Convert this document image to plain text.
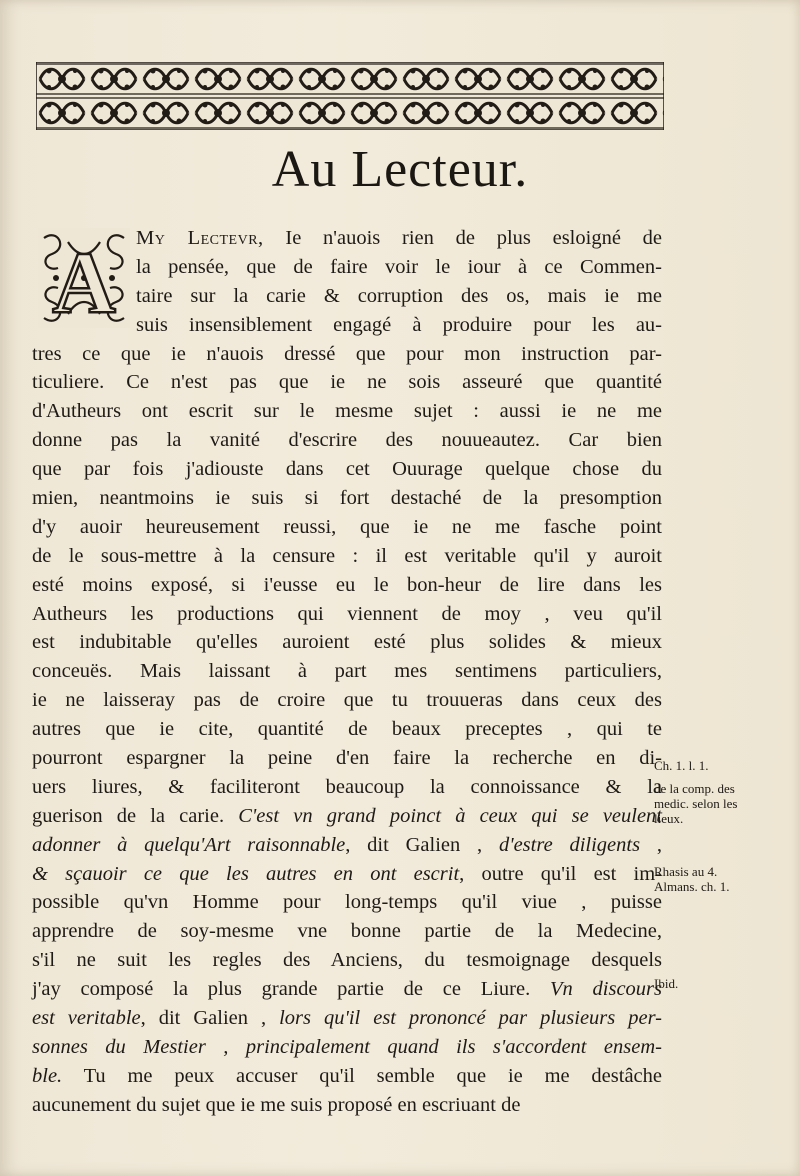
Au Lecteur.
A My Lectevr, Ie n'auois rien de plus esloigné de
la pensée, que de faire voir le iour à ce Commen-
taire sur la carie & corruption des os, mais ie me
suis insensiblement engagé à produire pour les au-
tres ce que ie n'auois dressé que pour mon instruction par-
ticuliere. Ce n'est pas que ie ne sois asseuré que quantité
d'Autheurs ont escrit sur le mesme sujet : aussi ie ne me
donne pas la vanité d'escrire des nouueautez. Car bien
que par fois j'adiouste dans cet Ouurage quelque chose du
mien, neantmoins ie suis si fort destaché de la presomption
d'y auoir heureusement reussi, que ie ne me fasche point
de le sous-mettre à la censure : il est veritable qu'il y auroit
esté moins exposé, si i'eusse eu le bon-heur de lire dans les
Autheurs les productions qui viennent de moy , veu qu'il
est indubitable qu'elles auroient esté plus solides & mieux
conceuës. Mais laissant à part mes sentimens particuliers,
ie ne laisseray pas de croire que tu trouueras dans ceux des
autres que ie cite, quantité de beaux preceptes , qui te
pourront espargner la peine d'en faire la recherche en di-
uers liures, & faciliteront beaucoup la connoissance & la
guerison de la carie. C'est vn grand poinct à ceux qui se veulent
adonner à quelqu'Art raisonnable, dit Galien , d'estre diligents ,
& sçauoir ce que les autres en ont escrit, outre qu'il est im-
possible qu'vn Homme pour long-temps qu'il viue , puisse
apprendre de soy-mesme vne bonne partie de la Medecine,
s'il ne suit les regles des Anciens, du tesmoignage desquels
j'ay composé la plus grande partie de ce Liure. Vn discours
est veritable, dit Galien , lors qu'il est prononcé par plusieurs per-
sonnes du Mestier , principalement quand ils s'accordent ensem-
ble. Tu me peux accuser qu'il semble que ie me destâche
aucunement du sujet que ie me suis proposé en escriuant de
Ch. 1. l. 1.
de la comp. des medic. selon les lieux.
Rhasis au 4. Almans. ch. 1.
Ibid.
